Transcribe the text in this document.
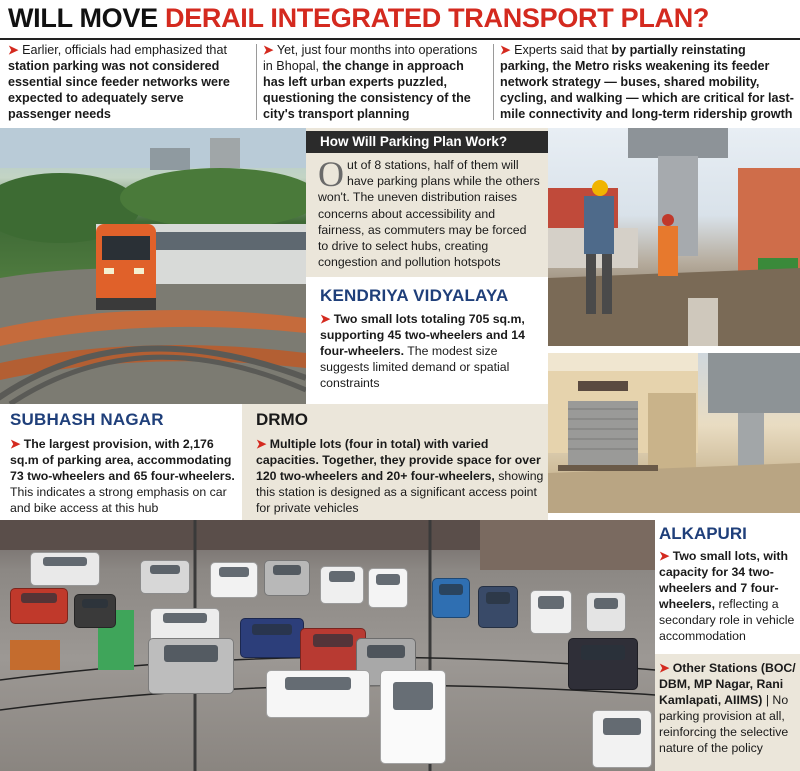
WILL MOVE DERAIL INTEGRATED TRANSPORT PLAN?
➤ Earlier, officials had emphasized that station parking was not considered essential since feeder networks were expected to adequately serve passenger needs
➤ Yet, just four months into operations in Bhopal, the change in approach has left urban experts puzzled, questioning the consistency of the city's transport planning
➤ Experts said that by partially reinstating parking, the Metro risks weakening its feeder network strategy — buses, shared mobility, cycling, and walking — which are critical for last-mile connectivity and long-term ridership growth
How Will Parking Plan Work?
Out of 8 stations, half of them will have parking plans while the others won't. The uneven distribution raises concerns about accessibility and fairness, as commuters may be forced to drive to select hubs, creating congestion and pollution hotspots
KENDRIYA VIDYALAYA
➤ Two small lots totaling 705 sq.m, supporting 45 two-wheelers and 14 four-wheelers. The modest size suggests limited demand or spatial constraints
SUBHASH NAGAR
➤ The largest provision, with 2,176 sq.m of parking area, accommodating 73 two-wheelers and 65 four-wheelers. This indicates a strong emphasis on car and bike access at this hub
DRMO
➤ Multiple lots (four in total) with varied capacities. Together, they provide space for over 120 two-wheelers and 20+ four-wheelers, showing this station is designed as a significant access point for private vehicles
ALKAPURI
➤ Two small lots, with capacity for 34 two-wheelers and 7 four-wheelers, reflecting a secondary role in vehicle accommodation
➤ Other Stations (BOC/ DBM, MP Nagar, Rani Kamlapati, AIIMS) | No parking provision at all, reinforcing the selective nature of the policy
